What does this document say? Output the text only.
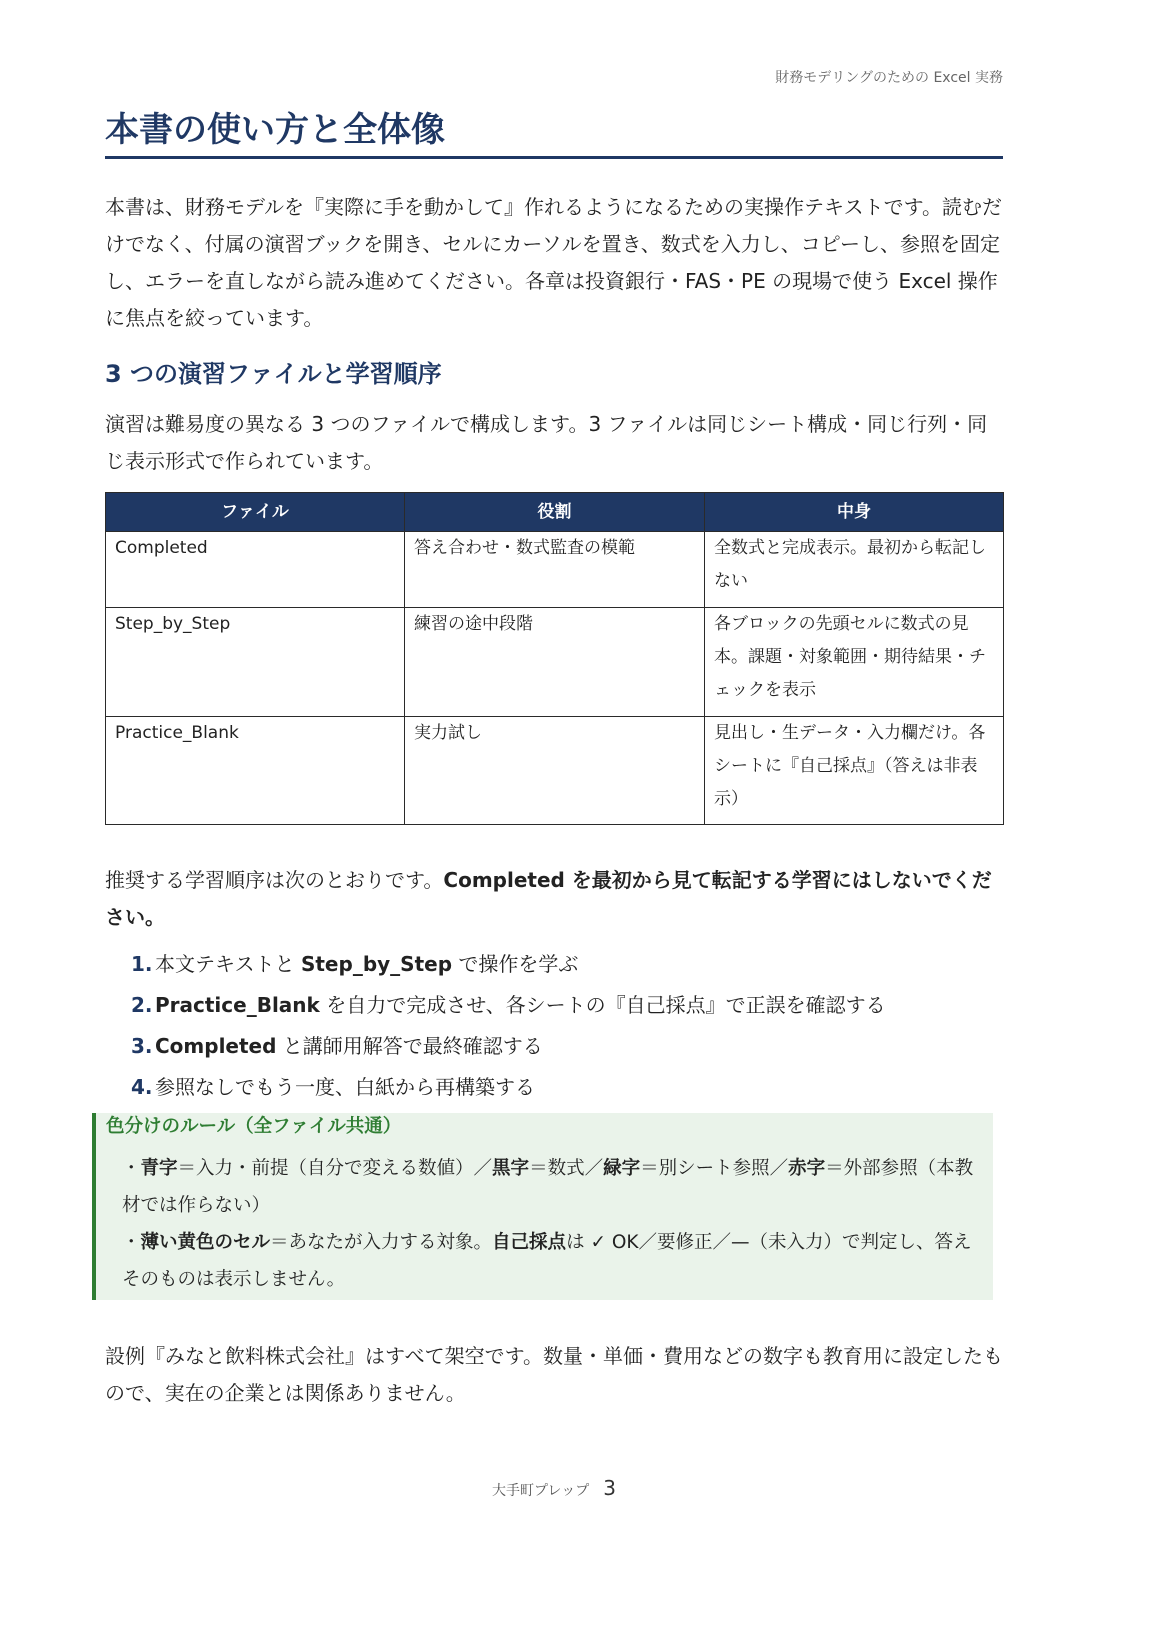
財務モデリングのための Excel 実務
本書の使い方と全体像

本書は、財務モデルを『実際に手を動かして』作れるようになるための実操作テキストです。読むだけでなく、付属の演習ブックを開き、セルにカーソルを置き、数式を入力し、コピーし、参照を固定し、エラーを直しながら読み進めてください。各章は投資銀行・FAS・PE の現場で使う Excel 操作に焦点を絞っています。

3 つの演習ファイルと学習順序

演習は難易度の異なる 3 つのファイルで構成します。3 ファイルは同じシート構成・同じ行列・同じ表示形式で作られています。

ファイル	役割	中身
Completed	答え合わせ・数式監査の模範	全数式と完成表示。最初から転記しない
Step_by_Step	練習の途中段階	各ブロックの先頭セルに数式の見本。課題・対象範囲・期待結果・チェックを表示
Practice_Blank	実力試し	見出し・生データ・入力欄だけ。各シートに『自己採点』（答えは非表示）

推奨する学習順序は次のとおりです。Completed を最初から見て転記する学習にはしないでください。

1. 本文テキストと Step_by_Step で操作を学ぶ
2. Practice_Blank を自力で完成させ、各シートの『自己採点』で正誤を確認する
3. Completed と講師用解答で最終確認する
4. 参照なしでもう一度、白紙から再構築する
色分けのルール（全ファイル共通）
・青字＝入力・前提（自分で変える数値）／黒字＝数式／緑字＝別シート参照／赤字＝外部参照（本教材では作らない）
・薄い黄色のセル＝あなたが入力する対象。自己採点は ✓ OK／要修正／—（未入力）で判定し、答えそのものは表示しません。

設例『みなと飲料株式会社』はすべて架空です。数量・単価・費用などの数字も教育用に設定したもので、実在の企業とは関係ありません。

大手町プレップ 3
